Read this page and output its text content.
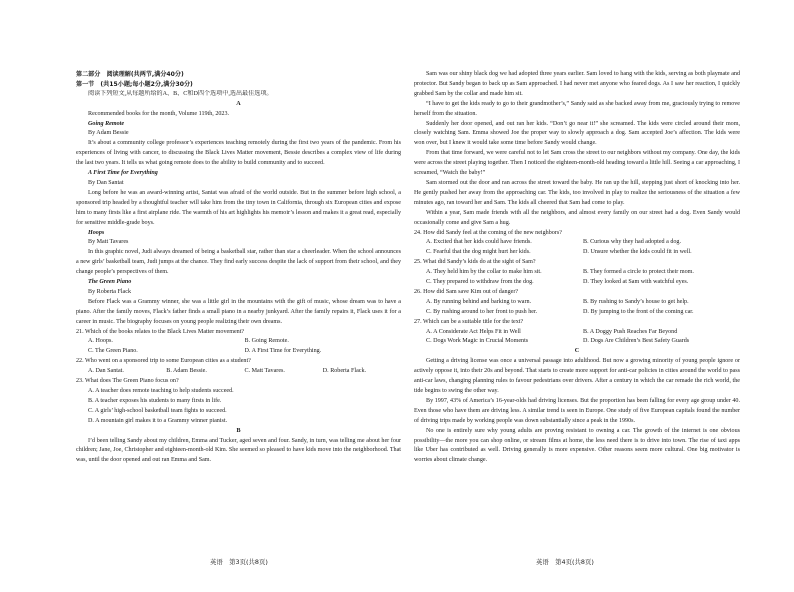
第二部分　阅读理解(共两节,满分40分)

第一节　(共15小题;每小题2分,满分30分)

阅读下列短文,从每题所给的A、B、C和D四个选项中,选出最佳选项。

A

Recommended books for the month, Volume 119th, 2023.

Going Remote

By Adam Bessie

It’s about a community college professor’s experiences teaching remotely during the first two years of the pandemic. From his experiences of living with cancer, to discussing the Black Lives Matter movement, Bessie describes a complex view of life during the last two years. It tells us what going remote does to the ability to build community and to succeed.

A First Time for Everything

By Dan Santat

Long before he was an award-winning artist, Santat was afraid of the world outside. But in the summer before high school, a sponsored trip headed by a thoughtful teacher will take him from the tiny town in California, through six European cities and expose him to many firsts like a first airplane ride. The warmth of his art highlights his memoir’s lesson and makes it a great read, especially for sensitive middle-grade boys.

Hoops

By Matt Tavares

In this graphic novel, Judi always dreamed of being a basketball star, rather than star a cheerleader. When the school announces a new girls’ basketball team, Judi jumps at the chance. They find early success despite the lack of support from their school, and they change people’s perspectives of them.

The Green Piano

By Roberta Flack

Before Flack was a Grammy winner, she was a little girl in the mountains with the gift of music, whose dream was to have a piano. After the family moves, Flack’s father finds a small piano in a nearby junkyard. After the family repairs it, Flack uses it for a career in music. The biography focuses on young people realizing their own dreams.

21. Which of the books relates to the Black Lives Matter movement?

A. Hoops.	B. Going Remote.
C. The Green Piano.	D. A First Time for Everything.

22. Who went on a sponsored trip to some European cities as a student?

A. Dan Santat.	B. Adam Bessie.	C. Matt Tavares.	D. Roberta Flack.

23. What does The Green Piano focus on?

A. A teacher does remote teaching to help students succeed.

B. A teacher exposes his students to many firsts in life.

C. A girls’ high-school basketball team fights to succeed.

D. A mountain girl makes it to a Grammy winner pianist.

B

I’d been telling Sandy about my children, Emma and Tucker, aged seven and four. Sandy, in turn, was telling me about her four children; Jane, Joe, Christopher and eighteen-month-old Kim. She seemed so pleased to have kids move into the neighborhood. That was, until the door opened and out ran Emma and Sam.

Sam was our shiny black dog we had adopted three years earlier. Sam loved to hang with the kids, serving as both playmate and protector. But Sandy began to back up as Sam approached. I had never met anyone who feared dogs. As I saw her reaction, I quickly grabbed Sam by the collar and made him sit.

“I have to get the kids ready to go to their grandmother’s,” Sandy said as she backed away from me, graciously trying to remove herself from the situation.

Suddenly her door opened, and out ran her kids. “Don’t go near it!” she screamed. The kids were circled around their mom, closely watching Sam. Emma showed Joe the proper way to slowly approach a dog. Sam accepted Joe’s affection. The kids were won over, but I knew it would take some time before Sandy would change.

From that time forward, we were careful not to let Sam cross the street to our neighbors without my company. One day, the kids were across the street playing together. Then I noticed the eighteen-month-old heading toward a little hill. Seeing a car approaching, I screamed, “Watch the baby!”

Sam stormed out the door and ran across the street toward the baby. He ran up the hill, stepping just short of knocking into her. He gently pushed her away from the approaching car. The kids, too involved in play to realize the seriousness of the situation a few minutes ago, ran toward her and Sam. The kids all cheered that Sam had come to play.

Within a year, Sam made friends with all the neighbors, and almost every family on our street had a dog. Even Sandy would occasionally come and give Sam a hug.

24. How did Sandy feel at the coming of the new neighbors?

A. Excited that her kids could have friends.	B. Curious why they had adopted a dog.
C. Fearful that the dog might hurt her kids.	D. Unsure whether the kids could fit in well.

25. What did Sandy’s kids do at the sight of Sam?

A. They held him by the collar to make him sit.	B. They formed a circle to protect their mom.
C. They prepared to withdraw from the dog.	D. They looked at Sam with watchful eyes.

26. How did Sam save Kim out of danger?

A. By running behind and barking to warn.	B. By rushing to Sandy’s house to get help.
C. By rushing around to her front to push her.	D. By jumping to the front of the coming car.

27. Which can be a suitable title for the text?

A. A Considerate Act Helps Fit in Well	B. A Doggy Push Reaches Far Beyond
C. Dogs Work Magic in Crucial Moments	D. Dogs Are Children’s Best Safety Guards

C

Getting a driving license was once a universal passage into adulthood. But now a growing minority of young people ignore or actively oppose it, into their 20s and beyond. That starts to create more support for anti-car policies in cities around the world to pass anti-car laws, changing planning rules to favour pedestrians over drivers. After a century in which the car remade the rich world, the tide begins to swing the other way.

By 1997, 43% of America’s 16-year-olds had driving licenses. But the proportion has been falling for every age group under 40. Even those who have them are driving less. A similar trend is seen in Europe. One study of five European capitals found the number of driving trips made by working people was down substantially since a peak in the 1990s.

No one is entirely sure why young adults are proving resistant to owning a car. The growth of the internet is one obvious possibility—the more you can shop online, or stream films at home, the less need there is to drive into town. The rise of taxi apps like Uber has contributed as well. Driving generally is more expensive. Other reasons seem more cultural. One big motivator is worries about climate change.

英语　第3页(共8页)	英语　第4页(共8页)
